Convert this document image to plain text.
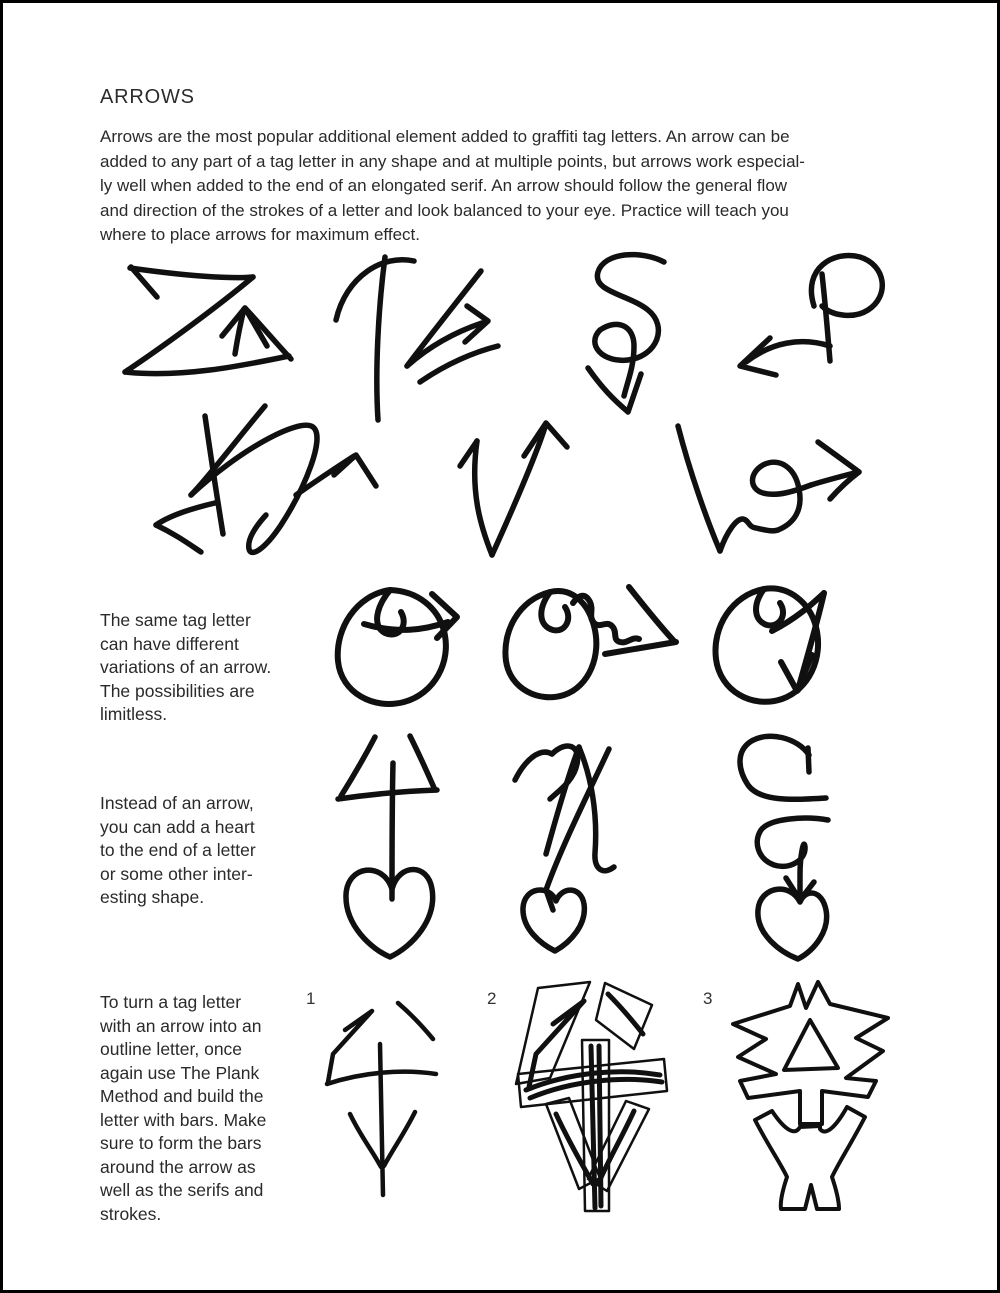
ARROWS
Arrows are the most popular additional element added to graffiti tag letters. An arrow can be
added to any part of a tag letter in any shape and at multiple points, but arrows work especial-
ly well when added to the end of an elongated serif. An arrow should follow the general flow
and direction of the strokes of a letter and look balanced to your eye. Practice will teach you
where to place arrows for maximum effect.
The same tag letter
can have different
variations of an arrow.
The possibilities are
limitless.
Instead of an arrow,
you can add a heart
to the end of a letter
or some other inter-
esting shape.
To turn a tag letter
with an arrow into an
outline letter, once
again use The Plank
Method and build the
letter with bars. Make
sure to form the bars
around the arrow as
well as the serifs and
strokes.
1	2	3
